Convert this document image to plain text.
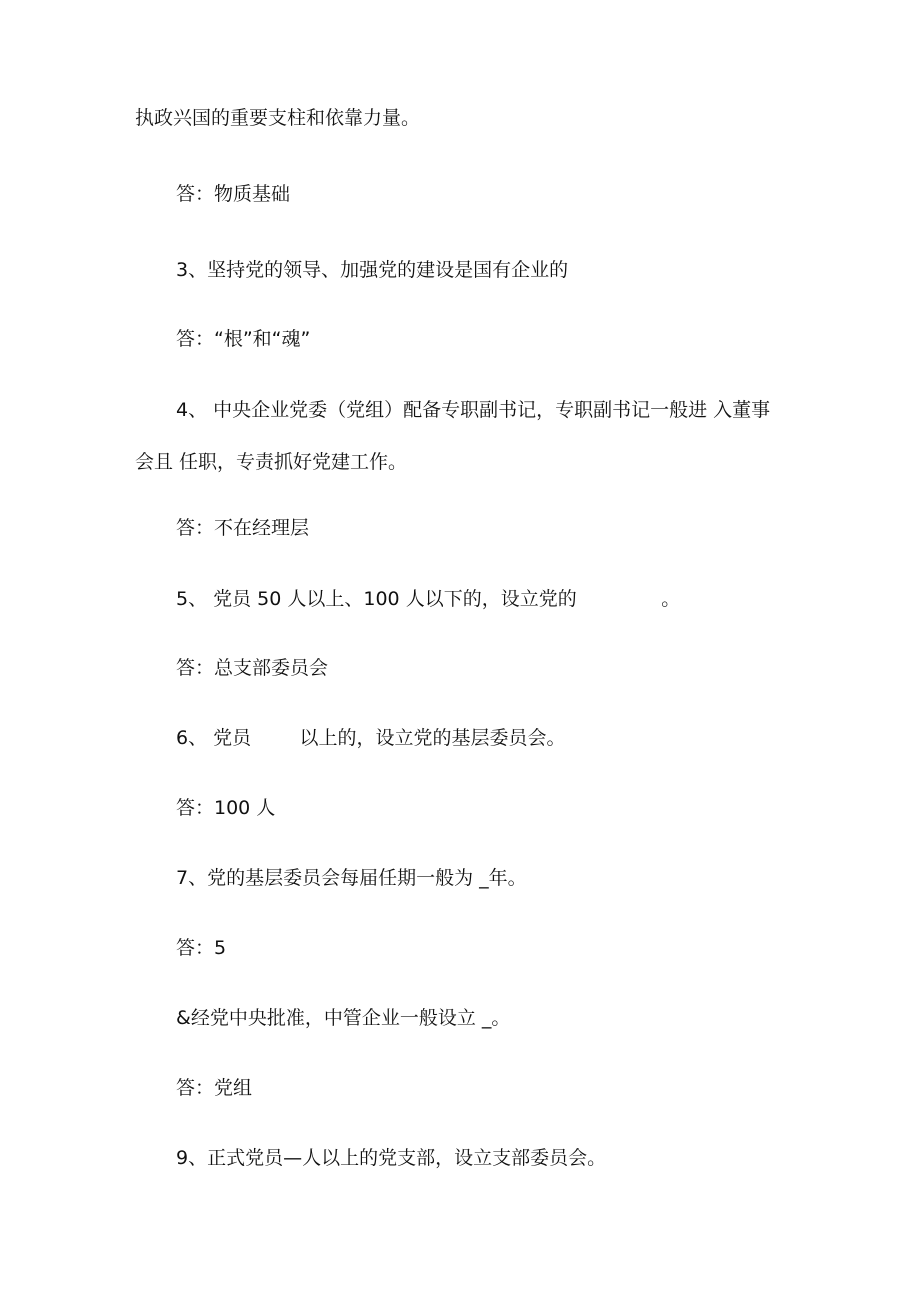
执政兴国的重要支柱和依靠力量。

答：物质基础

3、坚持党的领导、加强党的建设是国有企业的

答：“根”和“魂”

4、 中央企业党委（党组）配备专职副书记，专职副书记一般进 入董事

会且 任职，专责抓好党建工作。

答：不在经理层

5、 党员 50 人以上、100 人以下的，设立党的              。

答：总支部委员会

6、 党员        以上的，设立党的基层委员会。

答：100 人

7、党的基层委员会每届任期一般为 _年。

答：5

&经党中央批准，中管企业一般设立 _。

答：党组

9、正式党员—人以上的党支部，设立支部委员会。
